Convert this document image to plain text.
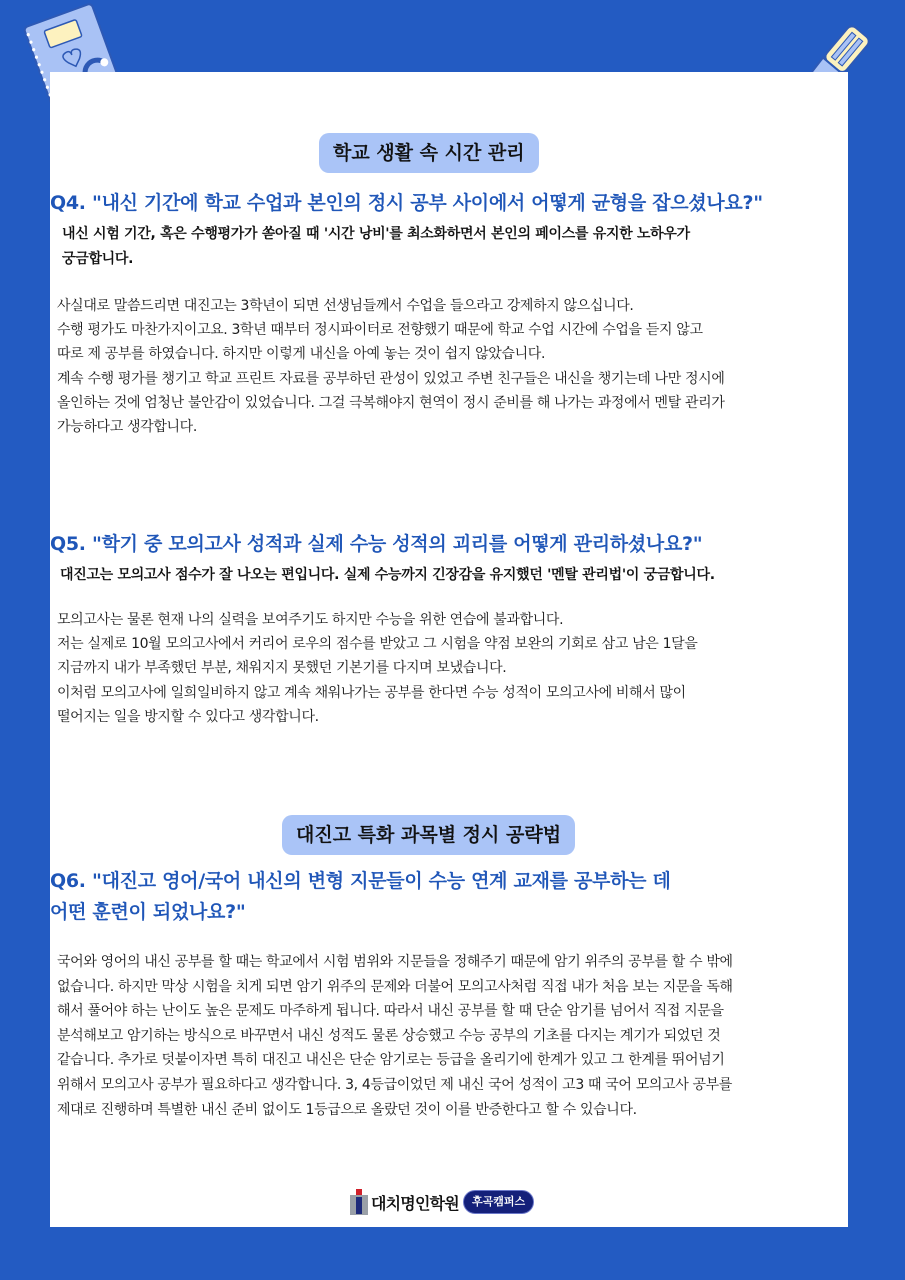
학교 생활 속 시간 관리
Q4. "내신 기간에 학교 수업과 본인의 정시 공부 사이에서 어떻게 균형을 잡으셨나요?"
내신 시험 기간, 혹은 수행평가가 쏟아질 때 '시간 낭비'를 최소화하면서 본인의 페이스를 유지한 노하우가
궁금합니다.
사실대로 말씀드리면 대진고는 3학년이 되면 선생님들께서 수업을 들으라고 강제하지 않으십니다.
수행 평가도 마찬가지이고요. 3학년 때부터 정시파이터로 전향했기 때문에 학교 수업 시간에 수업을 듣지 않고
따로 제 공부를 하였습니다. 하지만 이렇게 내신을 아예 놓는 것이 쉽지 않았습니다.
계속 수행 평가를 챙기고 학교 프린트 자료를 공부하던 관성이 있었고 주변 친구들은 내신을 챙기는데 나만 정시에
올인하는 것에 엄청난 불안감이 있었습니다. 그걸 극복해야지 현역이 정시 준비를 해 나가는 과정에서 멘탈 관리가
가능하다고 생각합니다.
Q5. "학기 중 모의고사 성적과 실제 수능 성적의 괴리를 어떻게 관리하셨나요?"
대진고는 모의고사 점수가 잘 나오는 편입니다. 실제 수능까지 긴장감을 유지했던 '멘탈 관리법'이 궁금합니다.
모의고사는 물론 현재 나의 실력을 보여주기도 하지만 수능을 위한 연습에 불과합니다.
저는 실제로 10월 모의고사에서 커리어 로우의 점수를 받았고 그 시험을 약점 보완의 기회로 삼고 남은 1달을
지금까지 내가 부족했던 부분, 채워지지 못했던 기본기를 다지며 보냈습니다.
이처럼 모의고사에 일희일비하지 않고 계속 채워나가는 공부를 한다면 수능 성적이 모의고사에 비해서 많이
떨어지는 일을 방지할 수 있다고 생각합니다.
대진고 특화 과목별 정시 공략법
Q6. "대진고 영어/국어 내신의 변형 지문들이 수능 연계 교재를 공부하는 데
어떤 훈련이 되었나요?"
국어와 영어의 내신 공부를 할 때는 학교에서 시험 범위와 지문들을 정해주기 때문에 암기 위주의 공부를 할 수 밖에
없습니다. 하지만 막상 시험을 치게 되면 암기 위주의 문제와 더불어 모의고사처럼 직접 내가 처음 보는 지문을 독해
해서 풀어야 하는 난이도 높은 문제도 마주하게 됩니다. 따라서 내신 공부를 할 때 단순 암기를 넘어서 직접 지문을
분석해보고 암기하는 방식으로 바꾸면서 내신 성적도 물론 상승했고 수능 공부의 기초를 다지는 계기가 되었던 것
같습니다. 추가로 덧붙이자면 특히 대진고 내신은 단순 암기로는 등급을 올리기에 한계가 있고 그 한계를 뛰어넘기
위해서 모의고사 공부가 필요하다고 생각합니다. 3, 4등급이었던 제 내신 국어 성적이 고3 때 국어 모의고사 공부를
제대로 진행하며 특별한 내신 준비 없이도 1등급으로 올랐던 것이 이를 반증한다고 할 수 있습니다.
대치명인학원	후곡캠퍼스
